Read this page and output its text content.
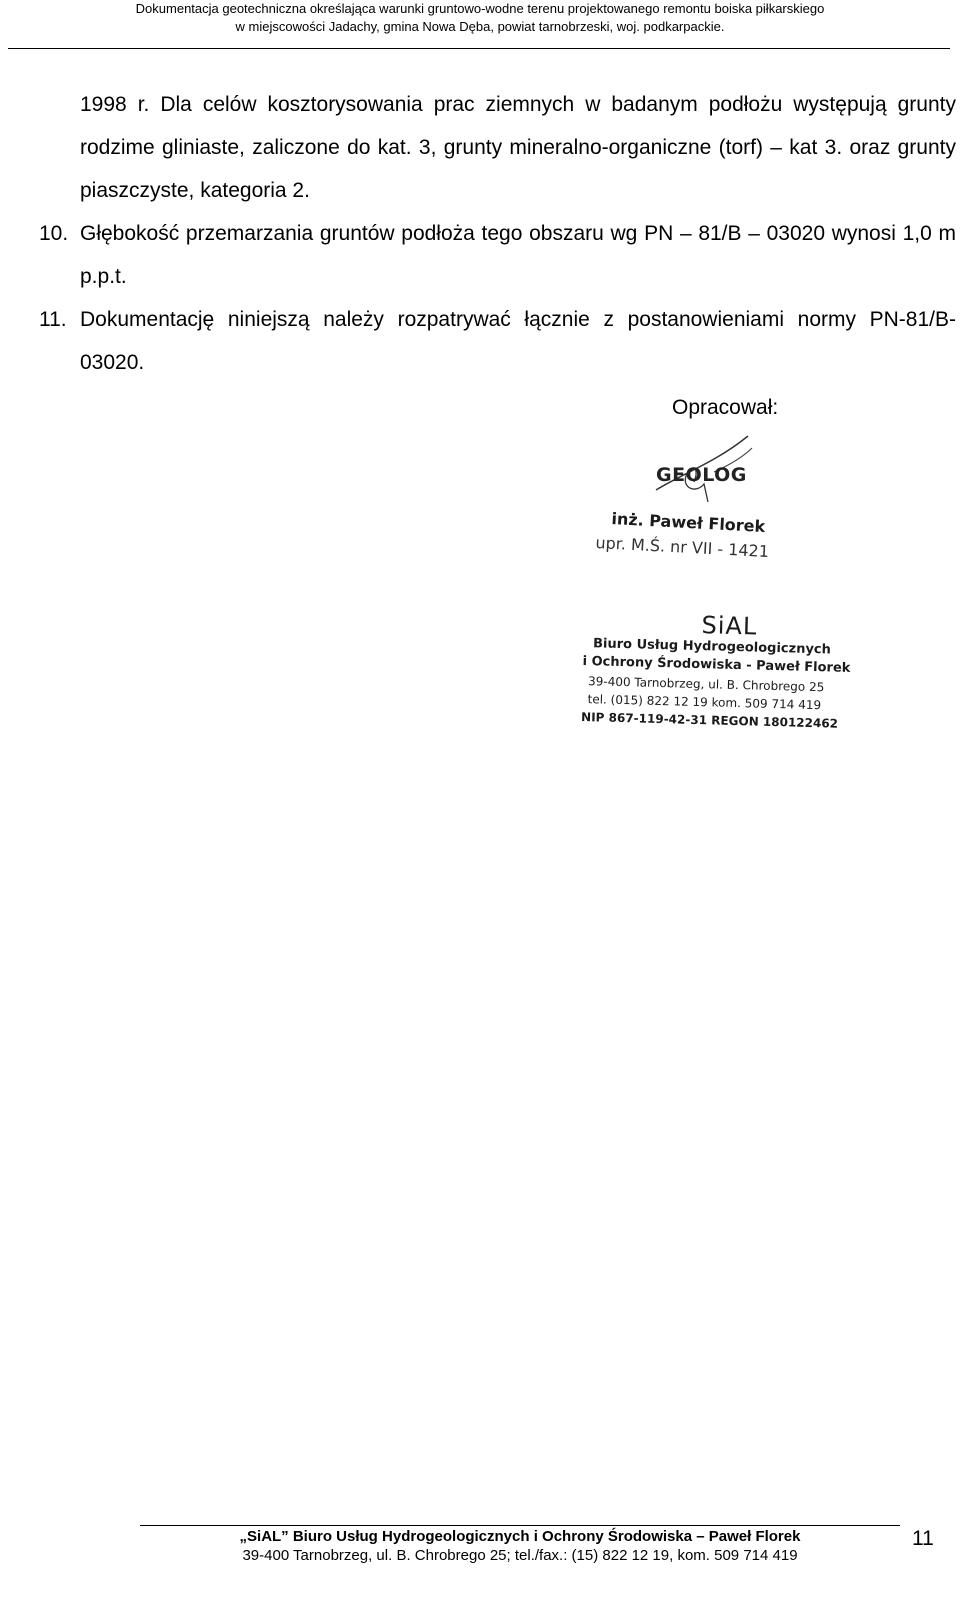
Dokumentacja geotechniczna określająca warunki gruntowo-wodne terenu projektowanego remontu boiska piłkarskiego
w miejscowości Jadachy, gmina Nowa Dęba, powiat tarnobrzeski, woj. podkarpackie.

1998 r. Dla celów kosztorysowania prac ziemnych w badanym podłożu występują grunty rodzime gliniaste, zaliczone do kat. 3, grunty mineralno-organiczne (torf) – kat 3. oraz grunty piaszczyste, kategoria 2.

10. Głębokość przemarzania gruntów podłoża tego obszaru wg PN – 81/B – 03020 wynosi 1,0 m p.p.t.
11. Dokumentację niniejszą należy rozpatrywać łącznie z postanowieniami normy PN-81/B-03020.
Opracował:
GEOLOG
inż. Paweł Florek
upr. M.Ś. nr VII - 1421
SiAL
Biuro Usług Hydrogeologicznych
i Ochrony Środowiska - Paweł Florek
39-400 Tarnobrzeg, ul. B. Chrobrego 25
tel. (015) 822 12 19 kom. 509 714 419
NIP 867-119-42-31 REGON 180122462
„SiAL” Biuro Usług Hydrogeologicznych i Ochrony Środowiska – Paweł Florek
39-400 Tarnobrzeg, ul. B. Chrobrego 25; tel./fax.: (15) 822 12 19, kom. 509 714 419
11
